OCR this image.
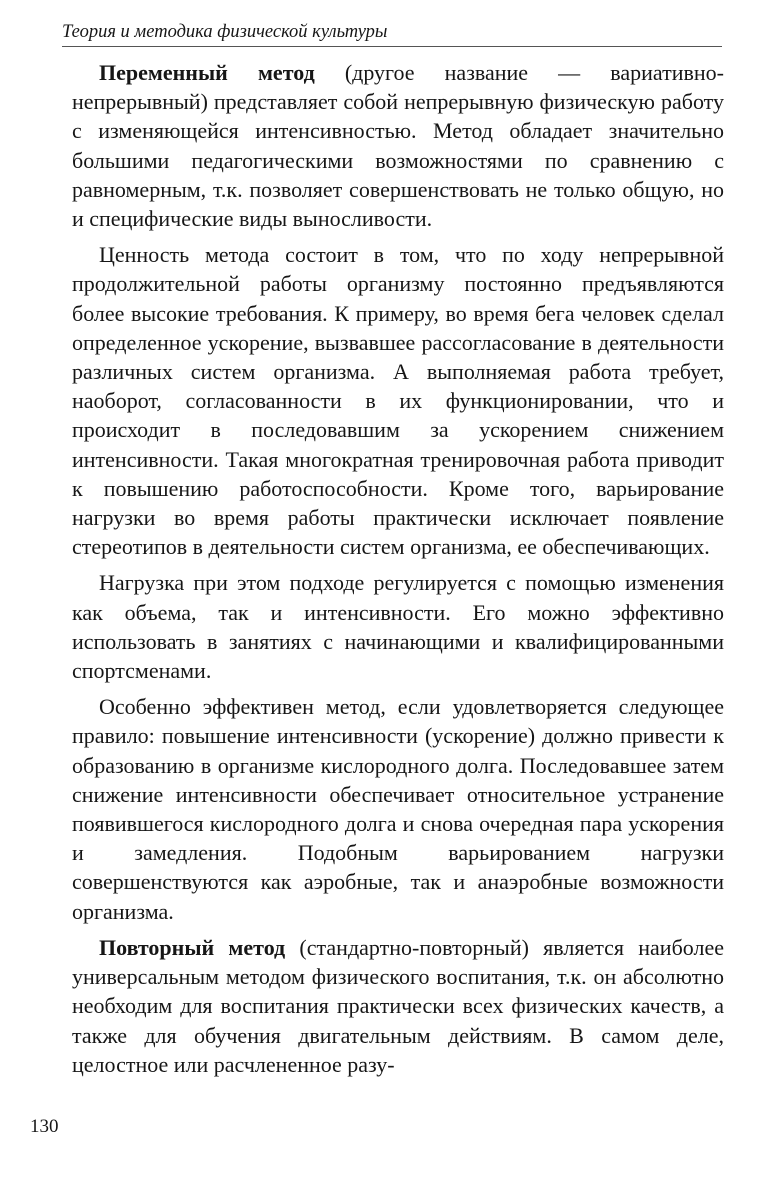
Теория и методика физической культуры

Переменный метод (другое название — вариативно-непрерывный) представляет собой непрерывную физическую работу с изменяющейся интенсивностью. Метод обладает значительно большими педагогическими возможностями по сравнению с равномерным, т.к. позволяет совершенствовать не только общую, но и специфические виды выносливости.

Ценность метода состоит в том, что по ходу непрерывной продолжительной работы организму постоянно предъявляются более высокие требования. К примеру, во время бега человек сделал определенное ускорение, вызвавшее рассогласование в деятельности различных систем организма. А выполняемая работа требует, наоборот, согласованности в их функционировании, что и происходит в последовавшим за ускорением снижением интенсивности. Такая многократная тренировочная работа приводит к повышению работоспособности. Кроме того, варьирование нагрузки во время работы практически исключает появление стереотипов в деятельности систем организма, ее обеспечивающих.

Нагрузка при этом подходе регулируется с помощью изменения как объема, так и интенсивности. Его можно эффективно использовать в занятиях с начинающими и квалифицированными спортсменами.

Особенно эффективен метод, если удовлетворяется следующее правило: повышение интенсивности (ускорение) должно привести к образованию в организме кислородного долга. Последовавшее затем снижение интенсивности обеспечивает относительное устранение появившегося кислородного долга и снова очередная пара ускорения и замедления. Подобным варьированием нагрузки совершенствуются как аэробные, так и анаэробные возможности организма.

Повторный метод (стандартно-повторный) является наиболее универсальным методом физического воспитания, т.к. он абсолютно необходим для воспитания практически всех физических качеств, а также для обучения двигательным действиям. В самом деле, целостное или расчлененное разу-

130
